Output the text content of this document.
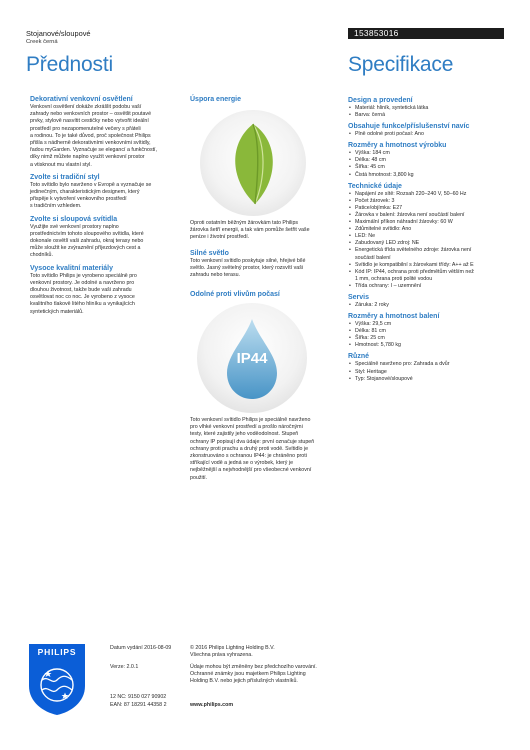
Stojanové/sloupové
Creek černá
153853016
Přednosti	Specifikace
Dekorativní venkovní osvětlení
Venkovní osvětlení dokáže zkrášlit podobu vaší
zahrady nebo venkovních prostor – osvětlit poutavé
prvky, stylově nasvítit cestičky nebo vytvořit ideální
prostředí pro nezapomenutelné večery s přáteli
a rodinou. To je také důvod, proč společnost Philips
přišla s nádherně dekorativními venkovními svítidly,
řadou myGarden. Vyznačuje se elegancí a funkčností,
díky nimž můžete naplno využít venkovní prostor
a vtisknout mu vlastní styl.
Zvolte si tradiční styl
Toto svítidlo bylo navrženo v Evropě a vyznačuje se
jedinečným, charakteristickým designem, který
přispěje k vytvoření venkovního prostředí
s tradičním vzhledem.
Zvolte si sloupová svítidla
Využijte své venkovní prostory naplno
prostřednictvím tohoto sloupového svítidla, které
dokonale osvětlí vaši zahradu, okraj terasy nebo
může sloužit ke zvýraznění příjezdových cest a
chodníků.
Vysoce kvalitní materiály
Toto svítidlo Philips je vyrobeno speciálně pro
venkovní prostory. Je odolné a navrženo pro
dlouhou životnost, takže bude vaši zahradu
osvětlovat noc co noc. Je vyrobeno z vysoce
kvalitního tlakově litého hliníku a vynikajících
syntetických materiálů.
Úspora energie
Oproti ostatním běžným žárovkám tato Philips
žárovka šetří energii, a tak vám pomůže šetřit vaše
peníze i životní prostředí.
Silné světlo
Toto venkovní svítidlo poskytuje silné, hřejivé bílé
světlo. Jasný světelný prostor, který rozsvítí vaši
zahradu nebo terasu.
Odolné proti vlivům počasí
IP44
Toto venkovní svítidlo Philips je speciálně navrženo
pro vlhké venkovní prostředí a prošlo náročnými
testy, které zajistily jeho voděodolnost. Stupeň
ochrany IP popisují dva údaje: první označuje stupeň
ochrany proti prachu a druhý proti vodě. Svítidlo je
zkonstruováno s ochranou IP44: je chráněno proti
stříkající vodě a jedná se o výrobek, který je
nejběžnější a nejvhodnější pro všeobecné venkovní
použití.
Design a provedení
• Materiál: hliník, syntetická látka
• Barva: černá
Obsahuje funkce/příslušenství navíc
• Plně odolné proti počasí: Ano
Rozměry a hmotnost výrobku
• Výška: 184 cm
• Délka: 48 cm
• Šířka: 45 cm
• Čistá hmotnost: 3,800 kg
Technické údaje
• Napájení ze sítě: Rozsah 220–240 V, 50–60 Hz
• Počet žárovek: 3
• Patice/objímka: E27
• Žárovka v balení: žárovka není součástí balení
• Maximální příkon náhradní žárovky: 60 W
• Zdůmitelné svítidlo: Ano
• LED: Ne
• Zabudovaný LED zdroj: NE
• Energetická třída světelného zdroje: žárovka není
součástí balení
• Svítidlo je kompatibilní s žárovkami třídy: A++ až E
• Kód IP: IP44, ochrana proti předmětům větším než
1 mm, ochrana proti polité vodou
• Třída ochrany: I – uzemnění
Servis
• Záruka: 2 roky
Rozměry a hmotnost balení
• Výška: 29,5 cm
• Délka: 81 cm
• Šířka: 25 cm
• Hmotnost: 5,780 kg
Různé
• Speciálně navrženo pro: Zahrada a dvůr
• Styl: Heritage
• Typ: Stojanové/sloupové
PHILIPS	Datum vydání 2016-08-09
Verze: 2.0.1
12 NC: 9150 027 90902
EAN: 87 18291 44358 2
© 2016 Philips Lighting Holding B.V.
Všechna práva vyhrazena.
Údaje mohou být změněny bez předchozího varování.
Ochranné známky jsou majetkem Philips Lighting
Holding B.V. nebo jejich příslušných vlastníků.
www.philips.com
